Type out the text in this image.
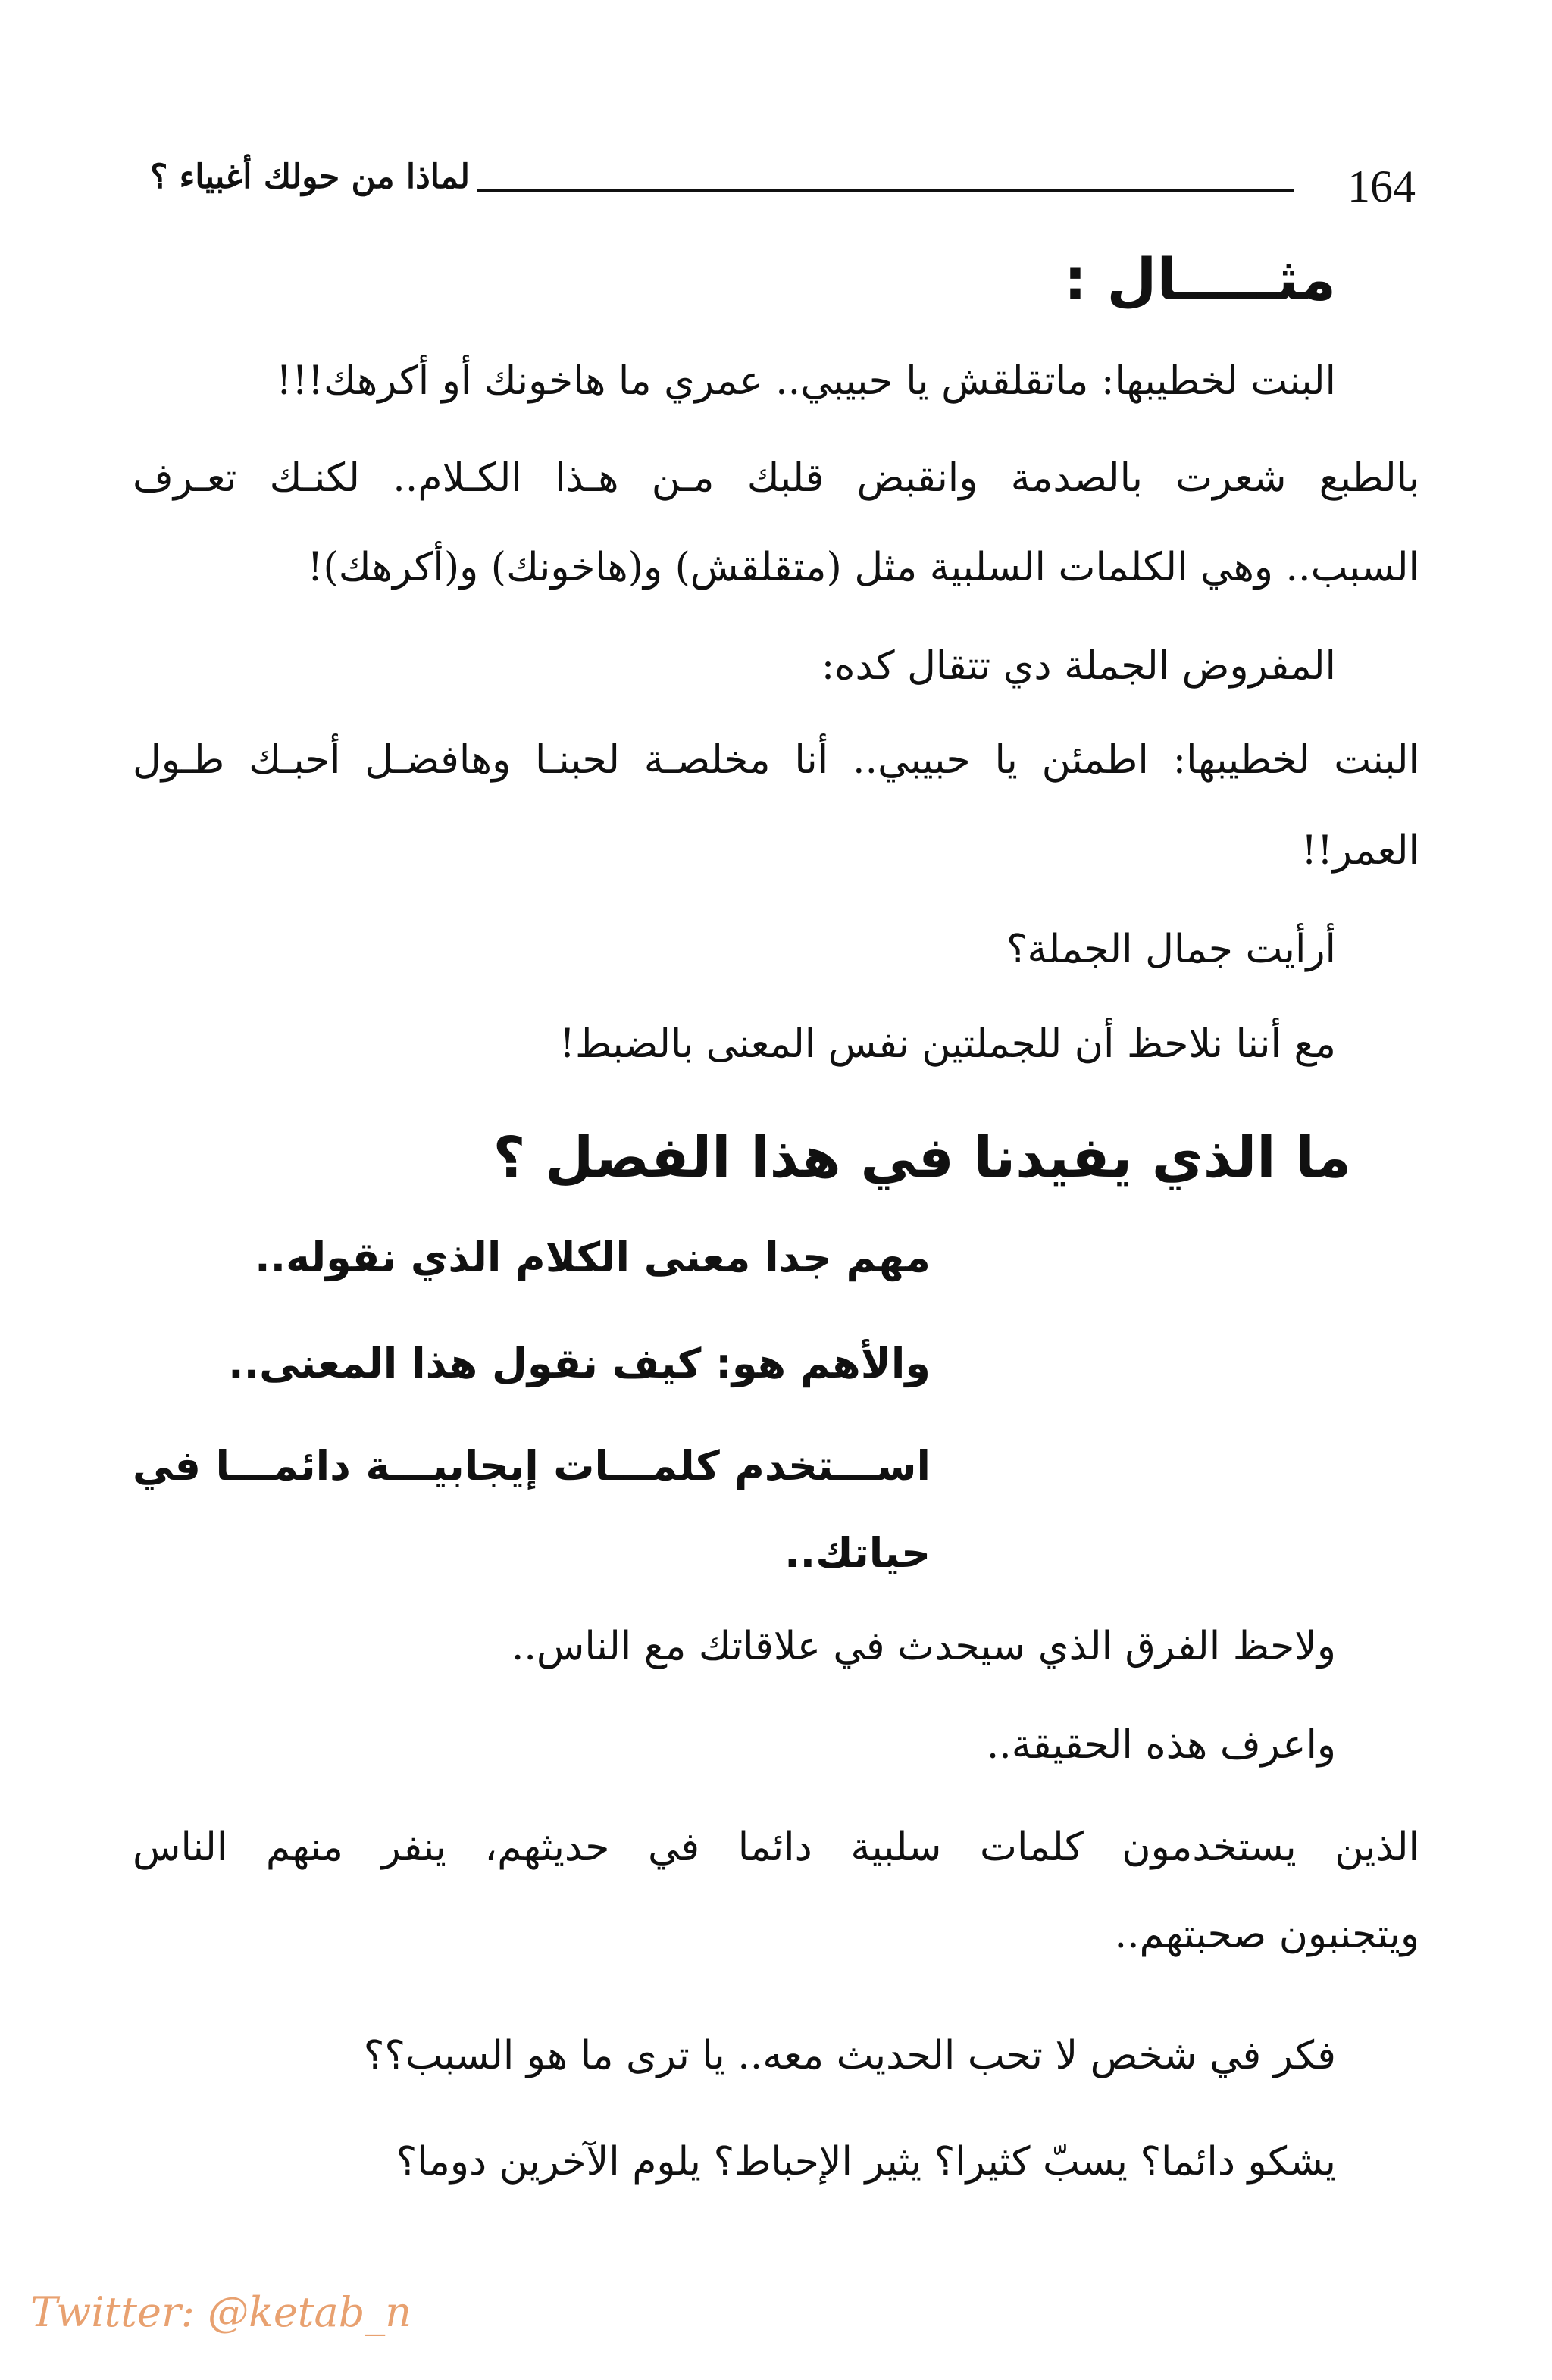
164
لماذا من حولك أغبياء ؟
مثـــــال :
البنت لخطيبها: ماتقلقش يا حبيبي.. عمري ما هاخونك أو أكرهك!!!
بالطبع شعرت بالصدمة وانقبض قلبك مـن هـذا الكـلام.. لكنـك تعـرف
السبب.. وهي الكلمات السلبية مثل (متقلقش) و(هاخونك) و(أكرهك)!
المفروض الجملة دي تتقال كده:
البنت لخطيبها: اطمئن يا حبيبي.. أنا مخلصـة لحبنـا وهافضـل أحبـك طـول
العمر!!
أرأيت جمال الجملة؟
مع أننا نلاحظ أن للجملتين نفس المعنى بالضبط!
ما الذي يفيدنا في هذا الفصل ؟
مهم جدا معنى الكلام الذي نقوله..
والأهم هو: كيف نقول هذا المعنى..
اســـتخدم كلمـــات إيجابيـــة دائمـــا في
حياتك..
ولاحظ الفرق الذي سيحدث في علاقاتك مع الناس..
واعرف هذه الحقيقة..
الذين يستخدمون كلمات سلبية دائما في حديثهم، ينفر منهم الناس
ويتجنبون صحبتهم..
فكر في شخص لا تحب الحديث معه.. يا ترى ما هو السبب؟؟
يشكو دائما؟ يسبّ كثيرا؟ يثير الإحباط؟ يلوم الآخرين دوما؟
Twitter: @ketab_n
